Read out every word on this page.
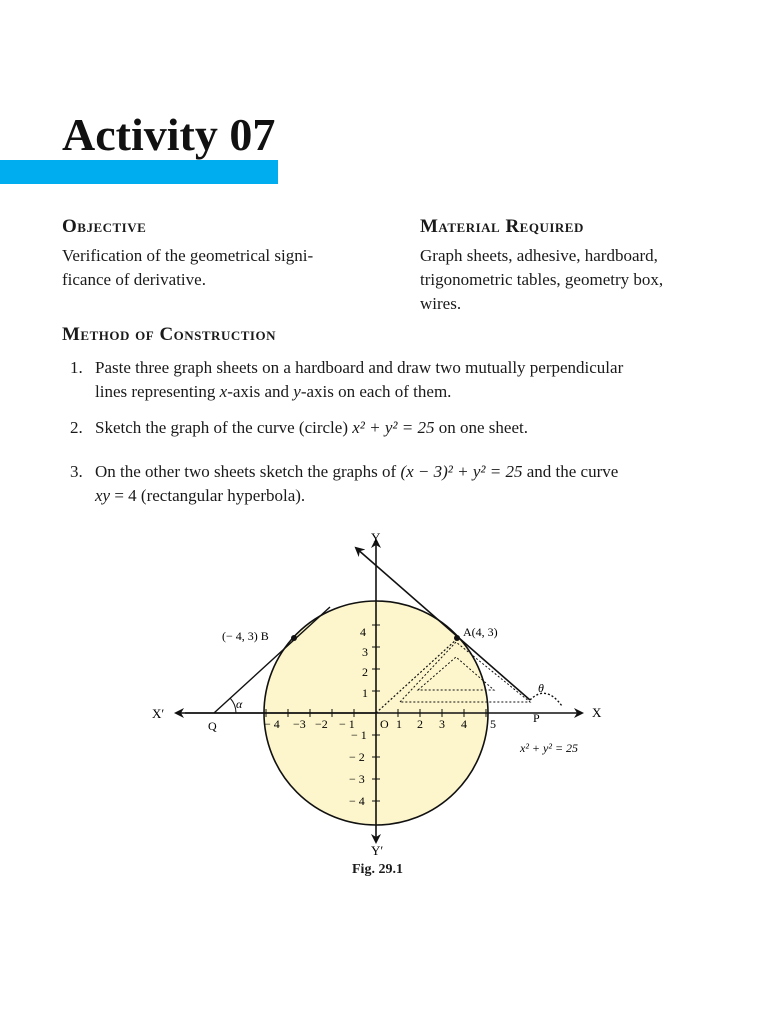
Activity 07
Objective
Verification of the geometrical signi-
ficance of derivative.
Material Required
Graph sheets, adhesive, hardboard,
trigonometric tables, geometry box,
wires.
Method of Construction
1. Paste three graph sheets on a hardboard and draw two mutually perpendicular
lines representing x-axis and y-axis on each of them.
2. Sketch the graph of the curve (circle) x² + y² = 25 on one sheet.
3. On the other two sheets sketch the graphs of (x − 3)² + y² = 25 and the curve
xy = 4 (rectangular hyperbola).
− 4 −3 −2 − 1 O 1 2 3 4 5
4
3
2
1
− 1
− 2
− 3
− 4
X
X′
Y
Y′
A(4, 3)
(− 4, 3) B
P
Q
α
θ
x² + y² = 25
Fig. 29.1
